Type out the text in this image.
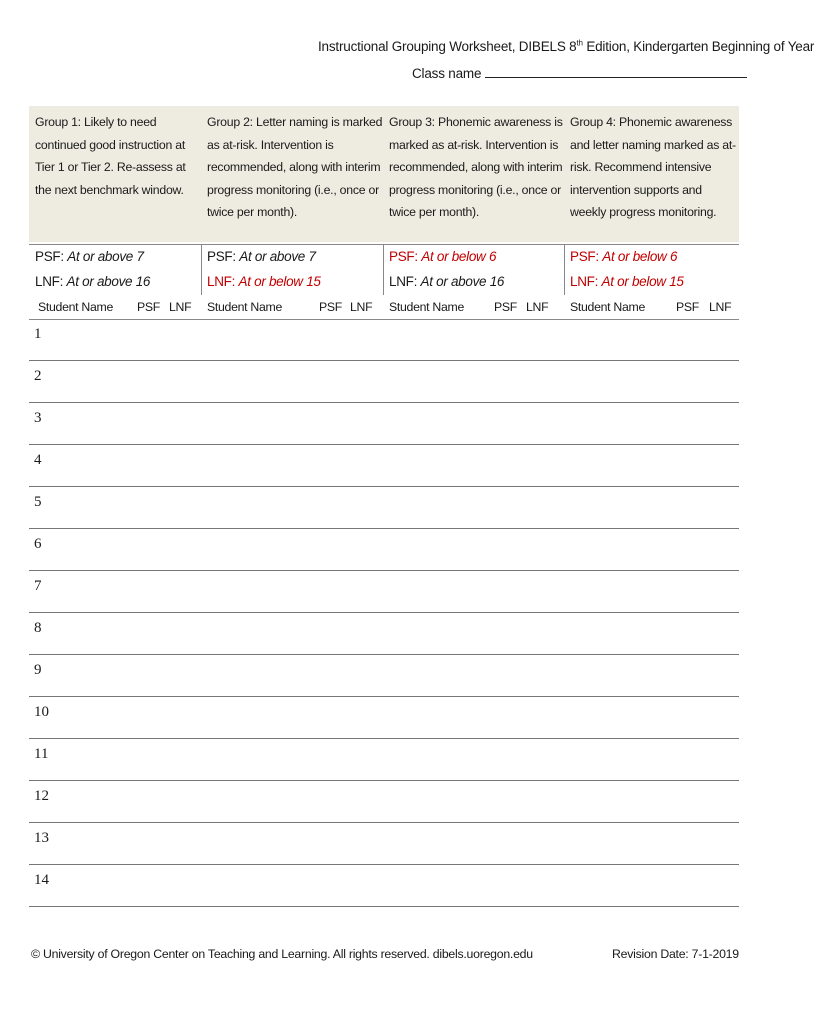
Instructional Grouping Worksheet, DIBELS 8th Edition, Kindergarten Beginning of Year
Class name
Group 1: Likely to need continued good instruction at Tier 1 or Tier 2. Re-assess at the next benchmark window.
Group 2: Letter naming is marked as at-risk. Intervention is recommended, along with interim progress monitoring (i.e., once or twice per month).
Group 3: Phonemic awareness is marked as at-risk. Intervention is recommended, along with interim progress monitoring (i.e., once or twice per month).
Group 4: Phonemic awareness and letter naming marked as at-risk. Recommend intensive intervention supports and weekly progress monitoring.
PSF: At or above 7
LNF: At or above 16
PSF: At or above 7
LNF: At or below 15
PSF: At or below 6
LNF: At or above 16
PSF: At or below 6
LNF: At or below 15
Student Name PSF LNF Student Name	PSF LNF Student Name PSF LNF Student Name	PSF LNF
1
2
3
4
5
6
7
8
9
10
11
12
13
14
© University of Oregon Center on Teaching and Learning. All rights reserved. dibels.uoregon.edu	Revision Date: 7-1-2019
